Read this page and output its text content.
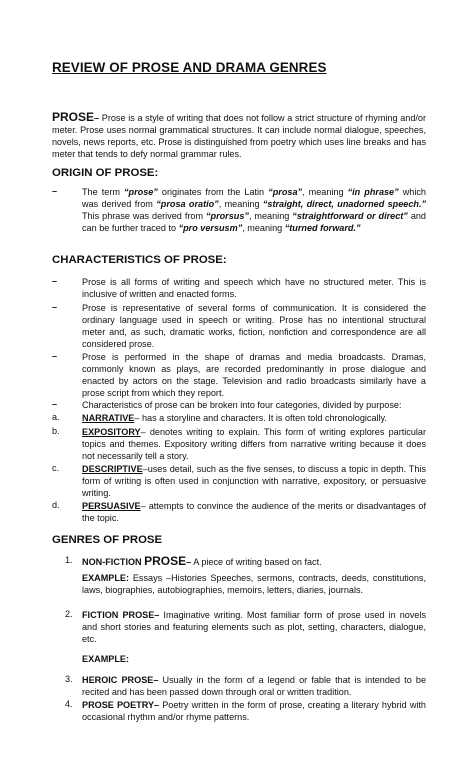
REVIEW OF PROSE AND DRAMA GENRES
PROSE– Prose is a style of writing that does not follow a strict structure of rhyming and/or meter. Prose uses normal grammatical structures. It can include normal dialogue, speeches, novels, news reports, etc. Prose is distinguished from poetry which uses line breaks and has meter that tends to defy normal grammar rules.
ORIGIN OF PROSE:
–	The term “prose” originates from the Latin “prosa”, meaning “in phrase” which was derived from “prosa oratio”, meaning “straight, direct, unadorned speech.” This phrase was derived from “prorsus”, meaning “straightforward or direct” and can be further traced to “pro versusm”, meaning “turned forward.”
CHARACTERISTICS OF PROSE:
–	Prose is all forms of writing and speech which have no structured meter. This is inclusive of written and enacted forms.
–	Prose is representative of several forms of communication. It is considered the ordinary language used in speech or writing. Prose has no intentional structural meter and, as such, dramatic works, fiction, nonfiction and correspondence are all considered prose.
–	Prose is performed in the shape of dramas and media broadcasts. Dramas, commonly known as plays, are recorded predominantly in prose dialogue and enacted by actors on the stage. Television and radio broadcasts similarly have a prose script from which they report.
–	Characteristics of prose can be broken into four categories, divided by purpose:
a. NARRATIVE– has a storyline and characters. It is often told chronologically.
b. EXPOSITORY– denotes writing to explain. This form of writing explores particular topics and themes. Expository writing differs from narrative writing because it does not necessarily tell a story.
c.	DESCRIPTIVE–uses detail, such as the five senses, to discuss a topic in depth. This form of writing is often used in conjunction with narrative, expository, or persuasive writing.
d. PERSUASIVE– attempts to convince the audience of the merits or disadvantages of the topic.
GENRES OF PROSE
1. NON-FICTION PROSE– A piece of writing based on fact.
EXAMPLE: Essays –Histories Speeches, sermons, contracts, deeds, constitutions, laws, biographies, autobiographies, memoirs, letters, diaries, journals.
2. FICTION PROSE– Imaginative writing. Most familiar form of prose used in novels and short stories and featuring elements such as plot, setting, characters, dialogue, etc.
EXAMPLE:
3. HEROIC PROSE– Usually in the form of a legend or fable that is intended to be recited and has been passed down through oral or written tradition.
4. PROSE POETRY– Poetry written in the form of prose, creating a literary hybrid with occasional rhythm and/or rhyme patterns.
